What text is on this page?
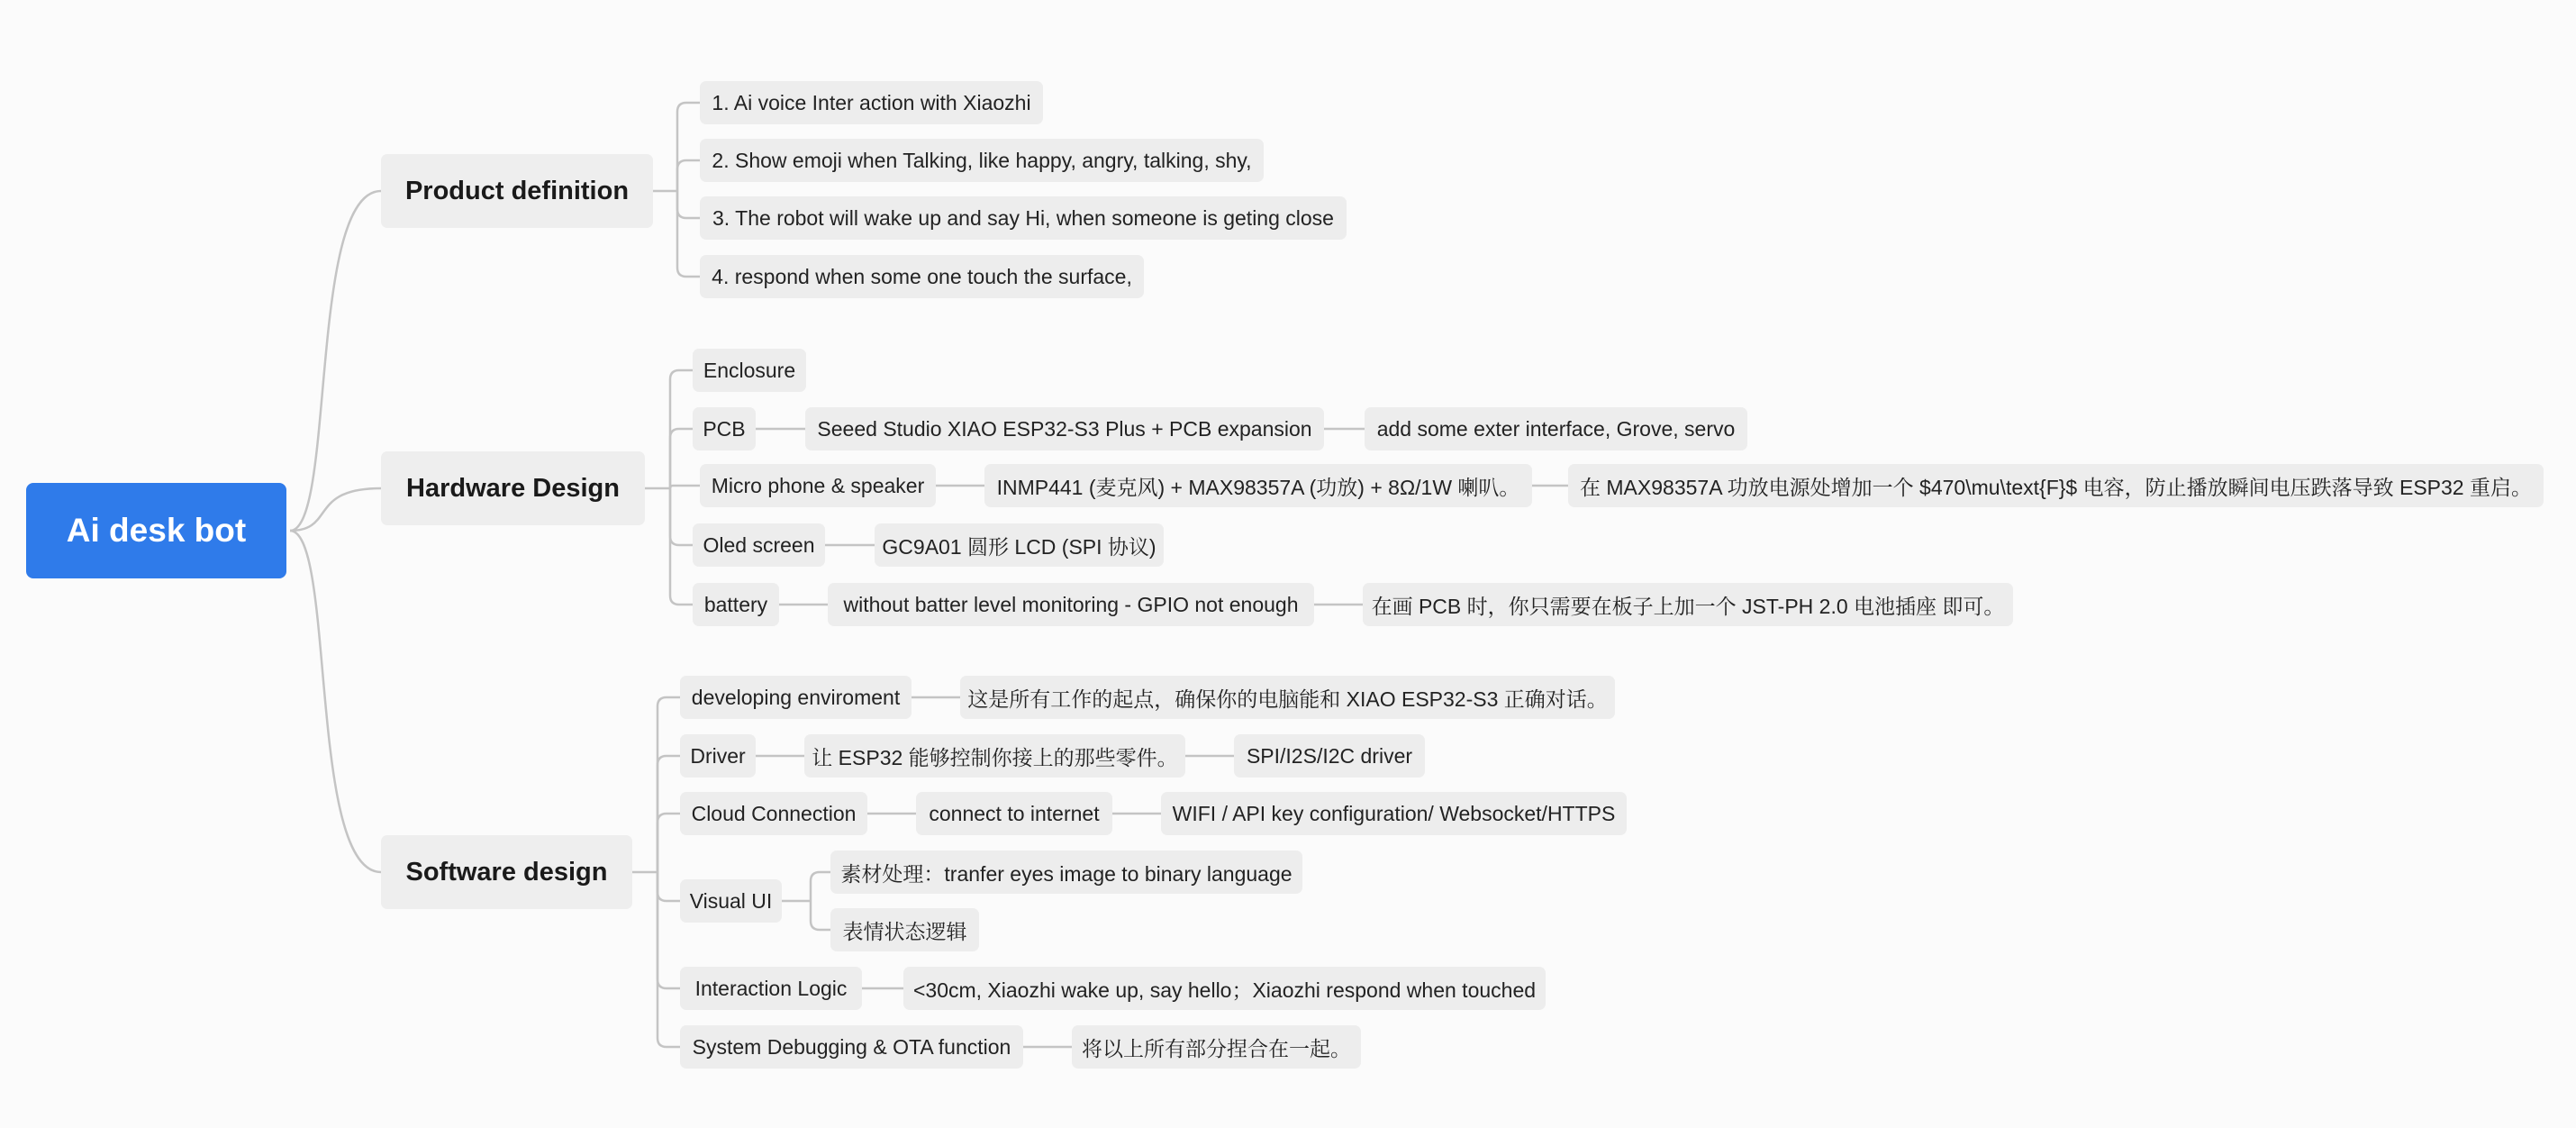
Ai desk bot
Product definition
1. Ai voice Inter action with Xiaozhi
2. Show emoji when Talking, like happy, angry, talking, shy,
3. The robot will wake up and say Hi, when someone is geting close
4. respond when some one touch the surface,
Hardware Design
Enclosure
PCB	Seeed Studio XIAO ESP32-S3 Plus + PCB expansion	add some exter interface, Grove, servo
Micro phone & speaker	INMP441 (麦克风) + MAX98357A (功放) + 8Ω/1W 喇叭。	在 MAX98357A 功放电源处增加一个 $470\mu\text{F}$ 电容，防止播放瞬间电压跌落导致 ESP32 重启。
Oled screen	GC9A01 圆形 LCD (SPI 协议)
battery	without batter level monitoring - GPIO not enough	在画 PCB 时，你只需要在板子上加一个 JST-PH 2.0 电池插座 即可。
Software design
developing enviroment	这是所有工作的起点，确保你的电脑能和 XIAO ESP32-S3 正确对话。
Driver	让 ESP32 能够控制你接上的那些零件。	SPI/I2S/I2C driver
Cloud Connection	connect to internet	WIFI / API key configuration/ Websocket/HTTPS
Visual UI
素材处理：tranfer eyes image to binary language
表情状态逻辑
Interaction Logic	<30cm, Xiaozhi wake up, say hello；Xiaozhi respond when touched
System Debugging & OTA function	将以上所有部分捏合在一起。
